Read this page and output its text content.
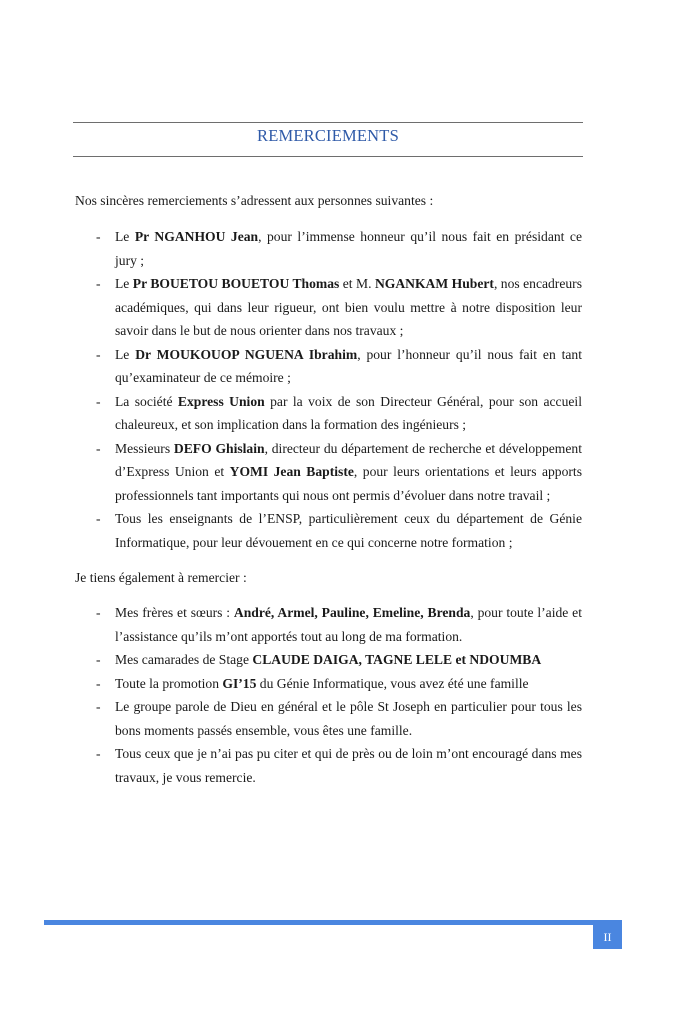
REMERCIEMENTS
Nos sincères remerciements s’adressent aux personnes suivantes :
- Le Pr NGANHOU Jean, pour l’immense honneur qu’il nous fait en présidant ce jury ;
- Le Pr BOUETOU BOUETOU Thomas et M. NGANKAM Hubert, nos encadreurs académiques, qui dans leur rigueur, ont bien voulu mettre à notre disposition leur savoir dans le but de nous orienter dans nos travaux ;
- Le Dr MOUKOUOP NGUENA Ibrahim, pour l’honneur qu’il nous fait en tant qu’examinateur de ce mémoire ;
- La société Express Union par la voix de son Directeur Général, pour son accueil chaleureux, et son implication dans la formation des ingénieurs ;
- Messieurs DEFO Ghislain, directeur du département de recherche et développement d’Express Union et YOMI Jean Baptiste, pour leurs orientations et leurs apports professionnels tant importants qui nous ont permis d’évoluer dans notre travail ;
- Tous les enseignants de l’ENSP, particulièrement ceux du département de Génie Informatique, pour leur dévouement en ce qui concerne notre formation ;
Je tiens également à remercier :
- Mes frères et sœurs : André, Armel, Pauline, Emeline, Brenda, pour toute l’aide et l’assistance qu’ils m’ont apportés tout au long de ma formation.
- Mes camarades de Stage CLAUDE DAIGA, TAGNE LELE et NDOUMBA
- Toute la promotion GI’15 du Génie Informatique, vous avez été une famille
- Le groupe parole de Dieu en général et le pôle St Joseph en particulier pour tous les bons moments passés ensemble, vous êtes une famille.
- Tous ceux que je n’ai pas pu citer et qui de près ou de loin m’ont encouragé dans mes travaux, je vous remercie.
II
